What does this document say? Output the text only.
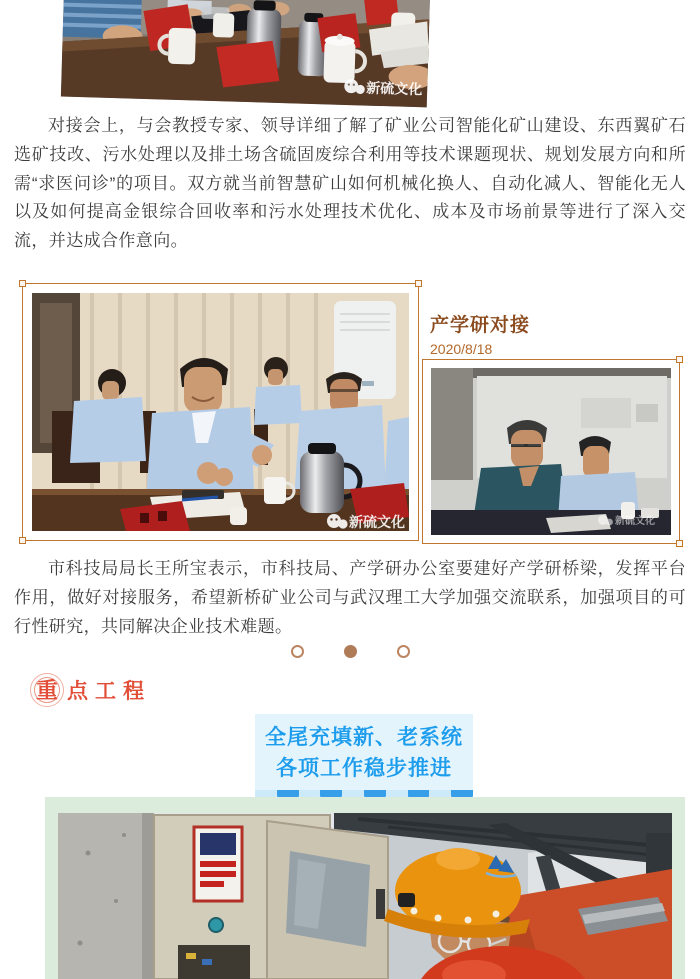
新硫文化

对接会上，与会教授专家、领导详细了解了矿业公司智能化矿山建设、东西翼矿石选矿技改、污水处理以及排土场含硫固废综合利用等技术课题现状、规划发展方向和所需“求医问诊”的项目。双方就当前智慧矿山如何机械化换人、自动化减人、智能化无人以及如何提高金银综合回收率和污水处理技术优化、成本及市场前景等进行了深入交流，并达成合作意向。

新硫文化
产学研对接
2020/8/18
新硫文化

市科技局局长王所宝表示，市科技局、产学研办公室要建好产学研桥梁，发挥平台作用，做好对接服务，希望新桥矿业公司与武汉理工大学加强交流联系，加强项目的可行性研究，共同解决企业技术难题。

重 点工程
全尾充填新、老系统
各项工作稳步推进
